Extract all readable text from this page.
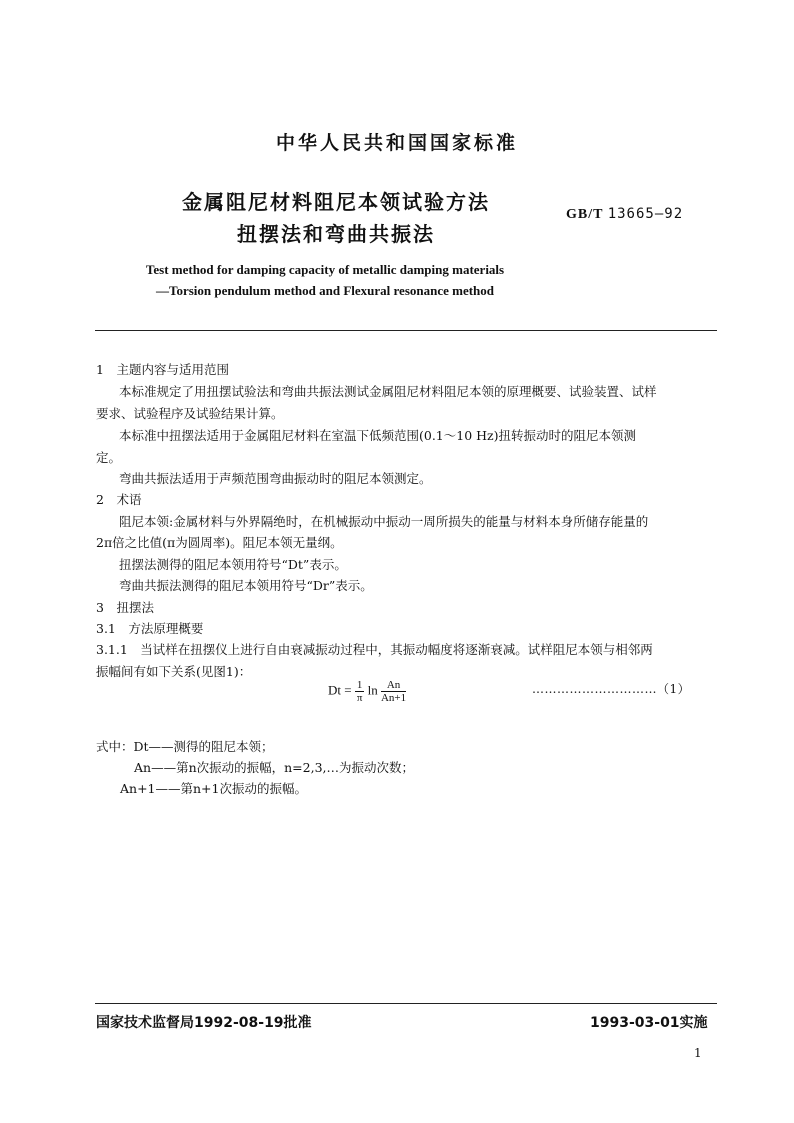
中华人民共和国国家标准
金属阻尼材料阻尼本领试验方法
扭摆法和弯曲共振法
GB/T 13665—92
Test method for damping capacity of metallic damping materials
—Torsion pendulum method and Flexural resonance method
1　主题内容与适用范围
本标准规定了用扭摆试验法和弯曲共振法测试金属阻尼材料阻尼本领的原理概要、试验装置、试样
要求、试验程序及试验结果计算。
本标准中扭摆法适用于金属阻尼材料在室温下低频范围(0.1～10 Hz)扭转振动时的阻尼本领测
定。
弯曲共振法适用于声频范围弯曲振动时的阻尼本领测定。
2　术语
阻尼本领:金属材料与外界隔绝时，在机械振动中振动一周所损失的能量与材料本身所储存能量的
2π倍之比值(π为圆周率)。阻尼本领无量纲。
扭摆法测得的阻尼本领用符号“Dt”表示。
弯曲共振法测得的阻尼本领用符号“Dr”表示。
3　扭摆法
3.1　方法原理概要
3.1.1　当试样在扭摆仪上进行自由衰减振动过程中，其振动幅度将逐渐衰减。试样阻尼本领与相邻两
振幅间有如下关系(见图1)：
$Dt = \frac{1}{\pi}$ $\ln \frac{An}{An+1}$	…………………………（1）
式中：Dt——测得的阻尼本领；
An——第n次振动的振幅，n=2,3,…为振动次数；
An+1——第n+1次振动的振幅。
国家技术监督局1992-08-19批准	1993-03-01实施
1
